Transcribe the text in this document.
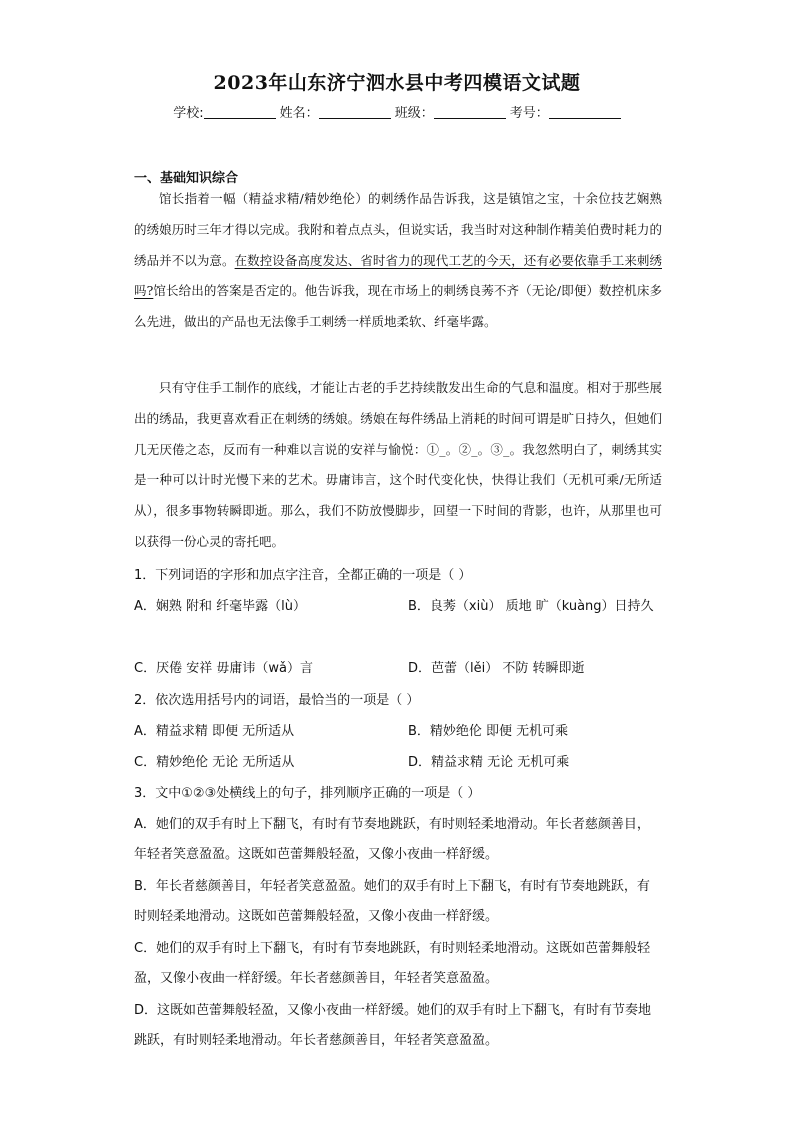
2023年山东济宁泗水县中考四模语文试题
学校:	姓名：	班级：	考号：
一、基础知识综合

馆长指着一幅（精益求精/精妙绝伦）的刺绣作品告诉我，这是镇馆之宝，十余位技艺娴熟的绣娘历时三年才得以完成。我附和着点点头，但说实话，我当时对这种制作精美伯费时耗力的绣品并不以为意。在数控设备高度发达、省时省力的现代工艺的今天，还有必要依靠手工来刺绣吗?馆长给出的答案是否定的。他告诉我，现在市场上的刺绣良莠不齐（无论/即便）数控机床多么先进，做出的产品也无法像手工刺绣一样质地柔软、纤毫毕露。

只有守住手工制作的底线，才能让古老的手艺持续散发出生命的气息和温度。相对于那些展出的绣品，我更喜欢看正在刺绣的绣娘。绣娘在每件绣品上消耗的时间可谓是旷日持久，但她们几无厌倦之态，反而有一种难以言说的安祥与愉悦：①_。②_。③_。我忽然明白了，刺绣其实是一种可以计时光慢下来的艺术。毋庸讳言，这个时代变化快，快得让我们（无机可乘/无所适从），很多事物转瞬即逝。那么，我们不防放慢脚步，回望一下时间的背影，也许，从那里也可以获得一份心灵的寄托吧。

1．下列词语的字形和加点字注音，全都正确的一项是（ ）

A．娴熟 附和 纤毫毕露（lù）	B．良莠（xiù） 质地 旷（kuàng）日持久

C．厌倦 安祥 毋庸讳（wǎ）言	D．芭蕾（lěi） 不防 转瞬即逝
2．依次选用括号内的词语，最恰当的一项是（ ）
A．精益求精 即便 无所适从	B．精妙绝伦 即便 无机可乘
C．精妙绝伦 无论 无所适从	D．精益求精 无论 无机可乘
3．文中①②③处横线上的句子，排列顺序正确的一项是（ ）

A．她们的双手有时上下翻飞，有时有节奏地跳跃，有时则轻柔地滑动。年长者慈颜善目，年轻者笑意盈盈。这既如芭蕾舞般轻盈，又像小夜曲一样舒缓。

B．年长者慈颜善目，年轻者笑意盈盈。她们的双手有时上下翻飞，有时有节奏地跳跃，有时则轻柔地滑动。这既如芭蕾舞般轻盈，又像小夜曲一样舒缓。

C．她们的双手有时上下翻飞，有时有节奏地跳跃，有时则轻柔地滑动。这既如芭蕾舞般轻盈，又像小夜曲一样舒缓。年长者慈颜善目，年轻者笑意盈盈。

D．这既如芭蕾舞般轻盈，又像小夜曲一样舒缓。她们的双手有时上下翻飞，有时有节奏地跳跃，有时则轻柔地滑动。年长者慈颜善目，年轻者笑意盈盈。
